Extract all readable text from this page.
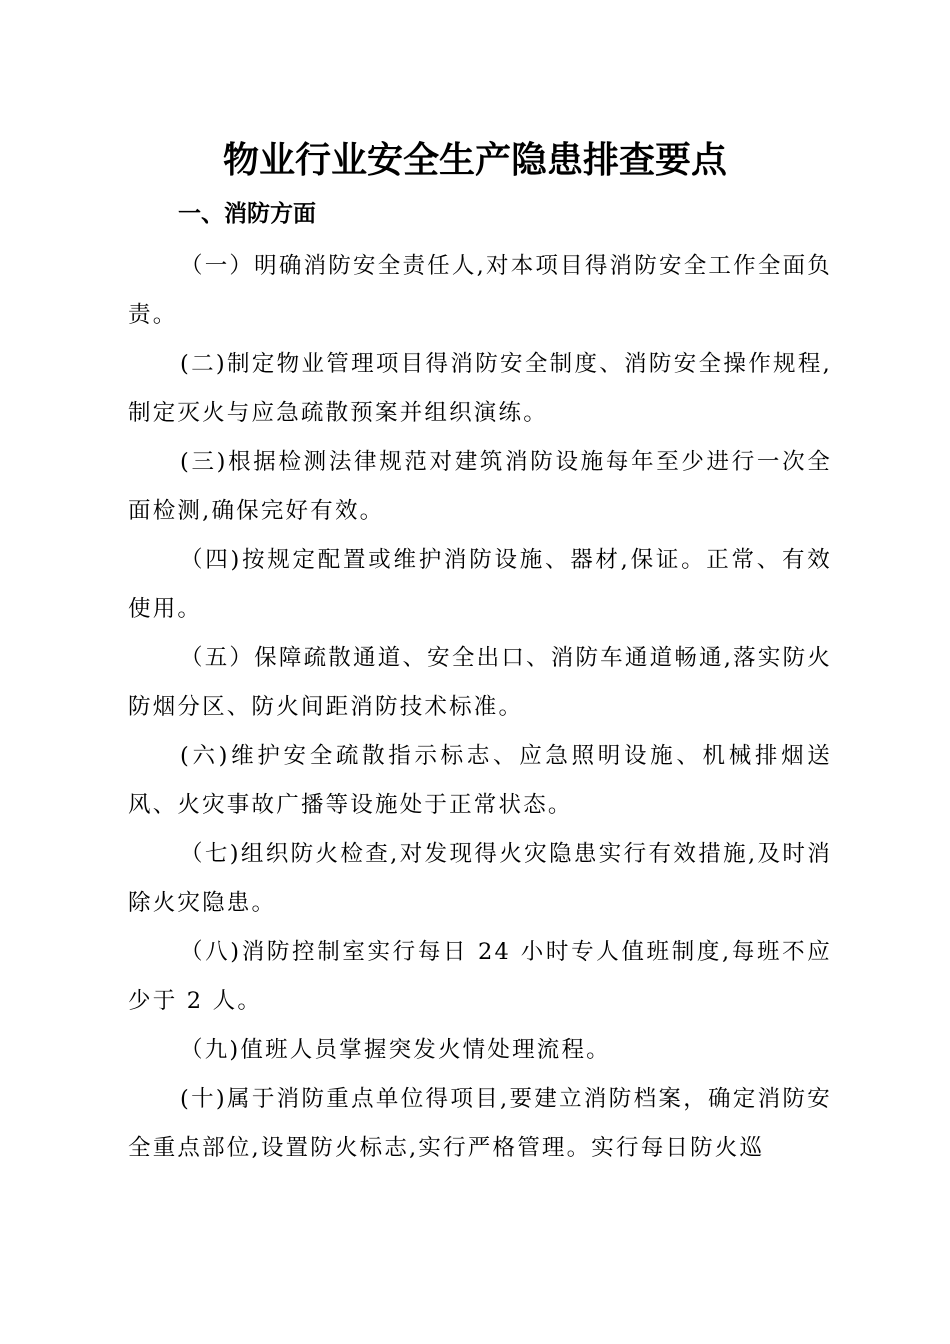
物业行业安全生产隐患排查要点
一、消防方面

（一）明确消防安全责任人,对本项目得消防安全工作全面负责。

(二)制定物业管理项目得消防安全制度、消防安全操作规程,制定灭火与应急疏散预案并组织演练。

(三)根据检测法律规范对建筑消防设施每年至少进行一次全面检测,确保完好有效。

（四)按规定配置或维护消防设施、器材,保证。正常、有效使用。

（五）保障疏散通道、安全出口、消防车通道畅通,落实防火防烟分区、防火间距消防技术标准。

(六)维护安全疏散指示标志、应急照明设施、机械排烟送风、火灾事故广播等设施处于正常状态。

（七)组织防火检查,对发现得火灾隐患实行有效措施,及时消除火灾隐患。

（八)消防控制室实行每日 24 小时专人值班制度,每班不应少于 2 人。

（九)值班人员掌握突发火情处理流程。

(十)属于消防重点单位得项目,要建立消防档案，确定消防安全重点部位,设置防火标志,实行严格管理。实行每日防火巡
